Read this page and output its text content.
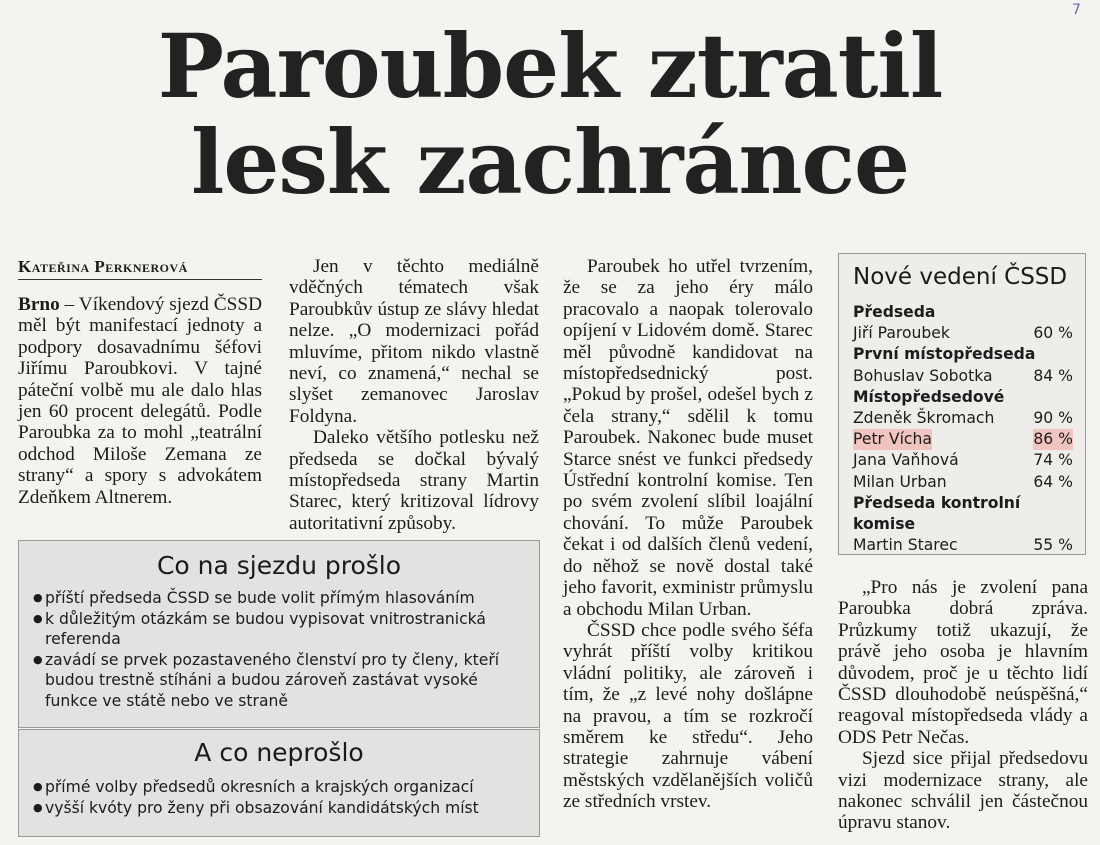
Paroubek ztratil
lesk zachránce
7
Kateřina Perknerová

Brno – Víkendový sjezd ČSSD měl být manifestací jednoty a podpory dosavadnímu šéfovi Jiřímu Paroubkovi. V tajné páteční volbě mu ale dalo hlas jen 60 procent delegátů. Podle Paroubka za to mohl „teatrální odchod Miloše Zemana ze strany“ a spory s advokátem Zdeňkem Altnerem.

Jen v těchto mediálně vděčných tématech však Paroubkův ústup ze slávy hledat nelze. „O modernizaci pořád mluvíme, přitom nikdo vlastně neví, co znamená,“ nechal se slyšet zemanovec Jaroslav Foldyna.

Daleko většího potlesku než předseda se dočkal bývalý místopředseda strany Martin Starec, který kritizoval lídrovy autoritativní způsoby.

Paroubek ho utřel tvrzením, že se za jeho éry málo pracovalo a naopak tolerovalo opíjení v Lidovém domě. Starec měl původně kandidovat na místopředsednický post. „Pokud by prošel, odešel bych z čela strany,“ sdělil k tomu Paroubek. Nakonec bude muset Starce snést ve funkci předsedy Ústřední kontrolní komise. Ten po svém zvolení slíbil loajální chování. To může Paroubek čekat i od dalších členů vedení, do něhož se nově dostal také jeho favorit, exministr průmyslu a obchodu Milan Urban.

ČSSD chce podle svého šéfa vyhrát příští volby kritikou vládní politiky, ale zároveň i tím, že „z levé nohy došlápne na pravou, a tím se rozkročí směrem ke středu“. Jeho strategie zahrnuje vábení městských vzdělanějších voličů ze středních vrstev.

„Pro nás je zvolení pana Paroubka dobrá zpráva. Průzkumy totiž ukazují, že právě jeho osoba je hlavním důvodem, proč je u těchto lidí ČSSD dlouhodobě neúspěšná,“ reagoval místopředseda vlády a ODS Petr Nečas.

Sjezd sice přijal předsedovu vizi modernizace strany, ale nakonec schválil jen částečnou úpravu stanov.

Co na sjezdu prošlo
● příští předseda ČSSD se bude volit přímým hlasováním
● k důležitým otázkám se budou vypisovat vnitrostranická referenda
● zavádí se prvek pozastaveného členství pro ty členy, kteří budou trestně stíháni a budou zároveň zastávat vysoké funkce ve státě nebo ve straně
A co neprošlo
● přímé volby předsedů okresních a krajských organizací
● vyšší kvóty pro ženy při obsazování kandidátských míst
Nové vedení ČSSD
Předseda
Jiří Paroubek	60 %
První místopředseda
Bohuslav Sobotka	84 %
Místopředsedové
Zdeněk Škromach 90 %
Petr Vícha	86 %
Jana Vaňhová	74 %
Milan Urban	64 %
Předseda kontrolní komise
Martin Starec	55 %
